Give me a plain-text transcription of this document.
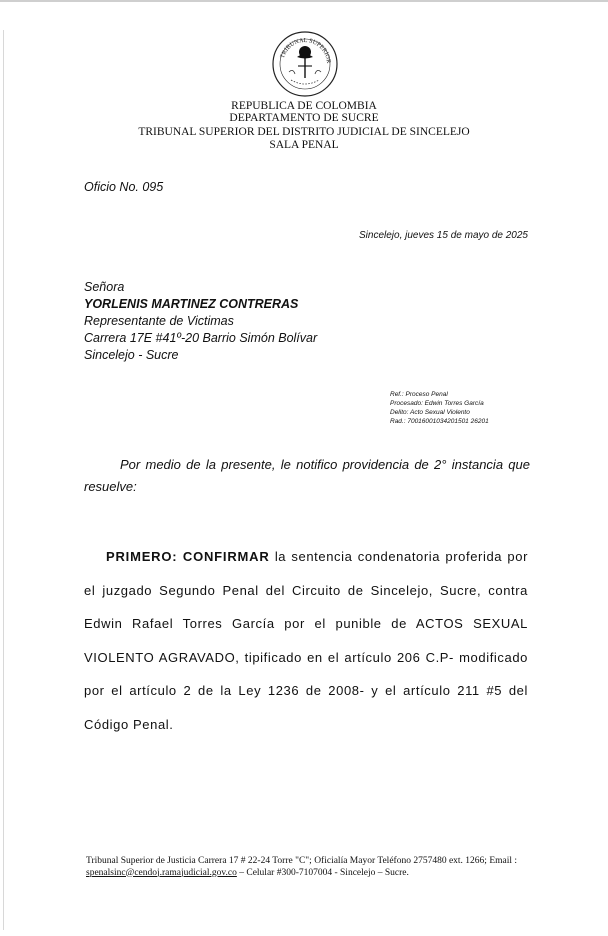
TRIBUNAL SUPERIOR
REPUBLICA DE COLOMBIA
DEPARTAMENTO DE SUCRE
TRIBUNAL SUPERIOR DEL DISTRITO JUDICIAL DE SINCELEJO
SALA PENAL
Oficio No. 095
Sincelejo, jueves 15 de mayo de 2025
Señora
YORLENIS MARTINEZ CONTRERAS
Representante de Victimas
Carrera 17E #41º-20 Barrio Simón Bolívar
Sincelejo - Sucre
Ref.: Proceso Penal
Procesado: Edwin Torres García
Delito: Acto Sexual Violento
Rad.: 70016001034201501 26201
Por medio de la presente, le notifico providencia de 2° instancia que resuelve:
PRIMERO: CONFIRMAR la sentencia condenatoria proferida por el juzgado Segundo Penal del Circuito de Sincelejo, Sucre, contra Edwin Rafael Torres García por el punible de ACTOS SEXUAL VIOLENTO AGRAVADO, tipificado en el artículo 206 C.P- modificado por el artículo 2 de la Ley 1236 de 2008- y el artículo 211 #5 del Código Penal.
Tribunal Superior de Justicia Carrera 17 # 22-24 Torre "C"; Oficialía Mayor Teléfono 2757480 ext. 1266; Email : spenalsinc@cendoj.ramajudicial.gov.co – Celular #300-7107004 - Sincelejo – Sucre.
